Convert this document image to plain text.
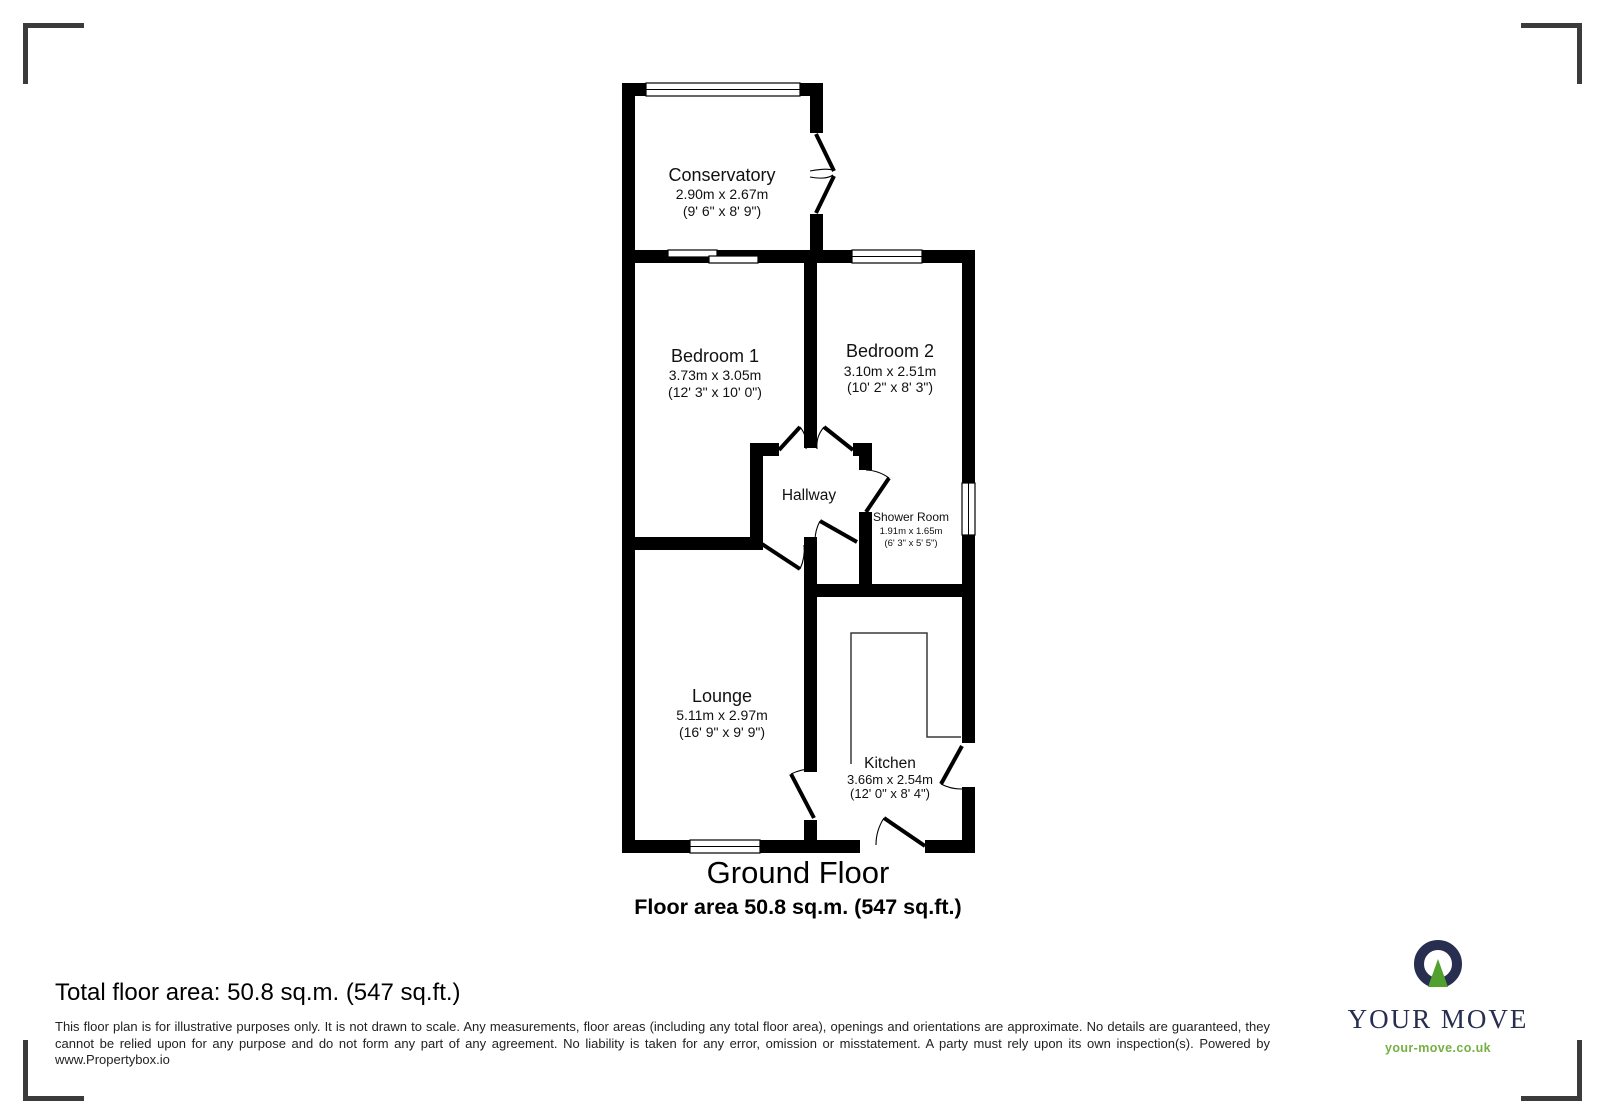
Conservatory
2.90m x 2.67m
(9' 6" x 8' 9")
Bedroom 1
3.73m x 3.05m
(12' 3" x 10' 0")
Bedroom 2
3.10m x 2.51m
(10' 2" x 8' 3")
Hallway
Shower Room
1.91m x 1.65m
(6' 3" x 5' 5")
Lounge
5.11m x 2.97m
(16' 9" x 9' 9")
Kitchen
3.66m x 2.54m
(12' 0" x 8' 4")
Ground Floor
Floor area 50.8 sq.m. (547 sq.ft.)
Total floor area: 50.8 sq.m. (547 sq.ft.)
This floor plan is for illustrative purposes only. It is not drawn to scale. Any measurements, floor areas (including any total floor area), openings and orientations are approximate. No details are guaranteed, they cannot be relied upon for any purpose and do not form any part of any agreement. No liability is taken for any error, omission or misstatement. A party must rely upon its own inspection(s). Powered by www.Propertybox.io
YOUR MOVE
your-move.co.uk
